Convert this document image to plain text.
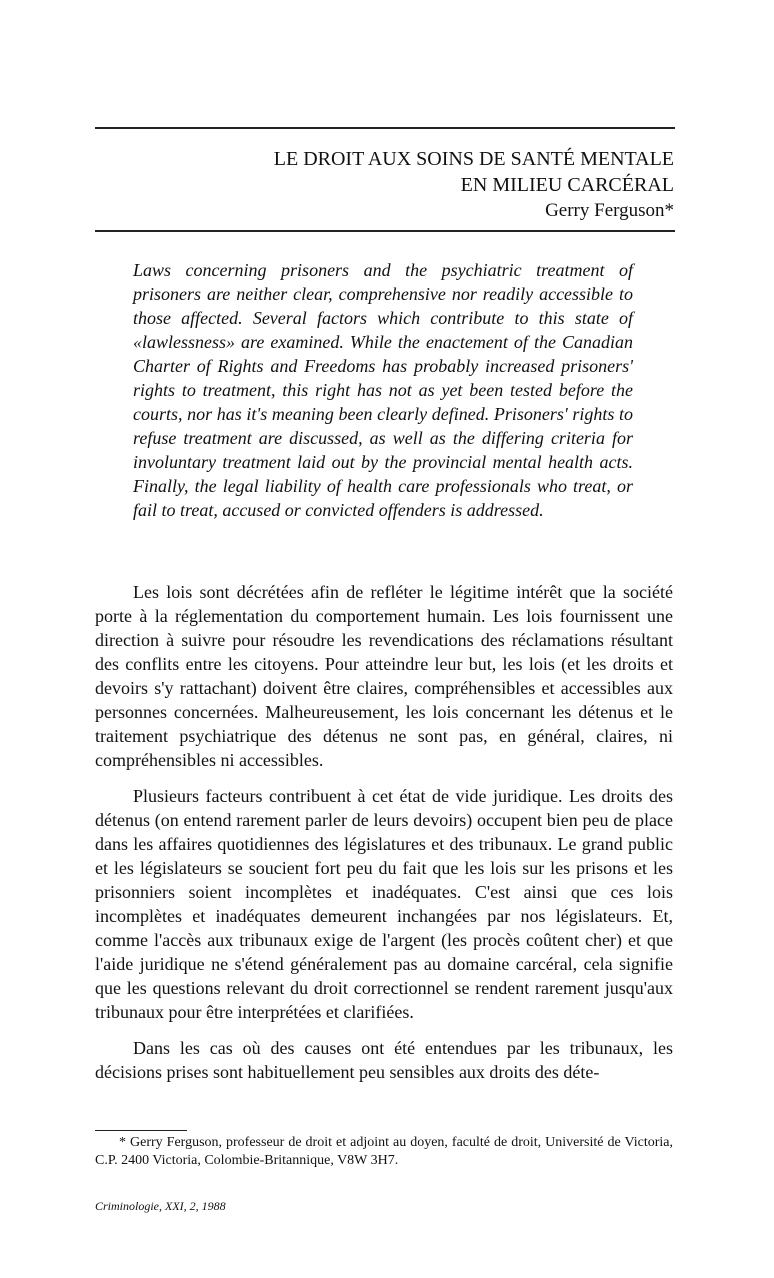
LE DROIT AUX SOINS DE SANTÉ MENTALE
EN MILIEU CARCÉRAL
Gerry Ferguson*
Laws concerning prisoners and the psychiatric treatment of prisoners are neither clear, comprehensive nor readily accessible to those affected. Several factors which contribute to this state of «lawlessness» are examined. While the enactement of the Canadian Charter of Rights and Freedoms has probably increased prisoners' rights to treatment, this right has not as yet been tested before the courts, nor has it's meaning been clearly defined. Prisoners' rights to refuse treatment are discussed, as well as the differing criteria for involuntary treatment laid out by the provincial mental health acts. Finally, the legal liability of health care professionals who treat, or fail to treat, accused or convicted offenders is addressed.

Les lois sont décrétées afin de refléter le légitime intérêt que la société porte à la réglementation du comportement humain. Les lois fournissent une direction à suivre pour résoudre les revendications des réclamations résultant des conflits entre les citoyens. Pour atteindre leur but, les lois (et les droits et devoirs s'y rattachant) doivent être claires, compréhensibles et accessibles aux personnes concernées. Malheureusement, les lois concernant les détenus et le traitement psychiatrique des détenus ne sont pas, en général, claires, ni compréhensibles ni accessibles.

Plusieurs facteurs contribuent à cet état de vide juridique. Les droits des détenus (on entend rarement parler de leurs devoirs) occupent bien peu de place dans les affaires quotidiennes des législatures et des tribunaux. Le grand public et les législateurs se soucient fort peu du fait que les lois sur les prisons et les prisonniers soient incomplètes et inadéquates. C'est ainsi que ces lois incomplètes et inadéquates demeurent inchangées par nos législateurs. Et, comme l'accès aux tribunaux exige de l'argent (les procès coûtent cher) et que l'aide juridique ne s'étend généralement pas au domaine carcéral, cela signifie que les questions relevant du droit correctionnel se rendent rarement jusqu'aux tribunaux pour être interprétées et clarifiées.

Dans les cas où des causes ont été entendues par les tribunaux, les décisions prises sont habituellement peu sensibles aux droits des déte-

* Gerry Ferguson, professeur de droit et adjoint au doyen, faculté de droit, Université de Victoria, C.P. 2400 Victoria, Colombie-Britannique, V8W 3H7.
Criminologie, XXI, 2, 1988
